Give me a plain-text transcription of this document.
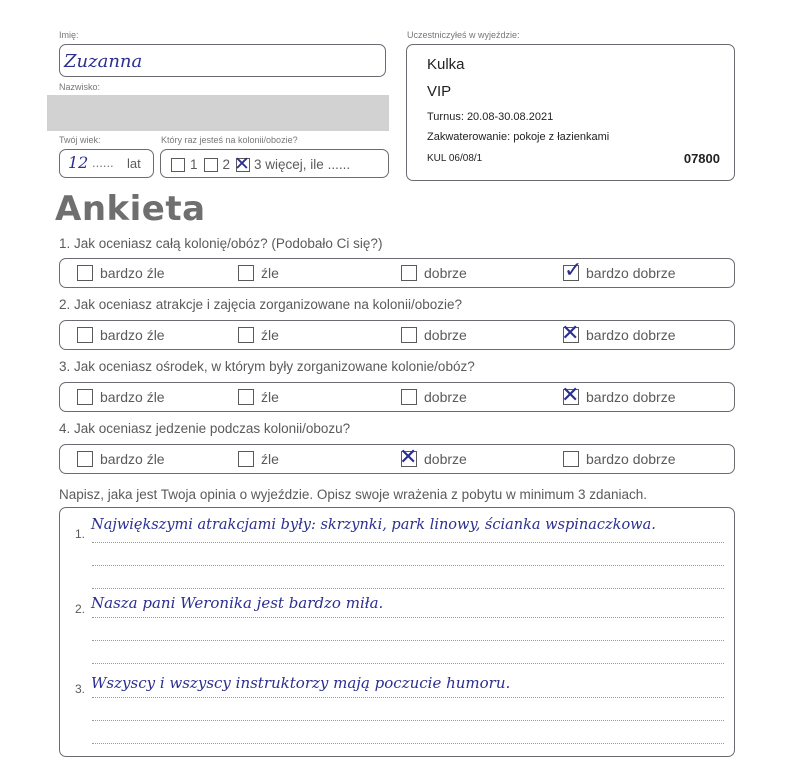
Imię:
Zuzanna
Nazwisko:
Twój wiek:
12 ...... lat
Który raz jesteś na kolonii/obozie?
1 2 ✕ 3 więcej, ile ......
Uczestniczyłeś w wyjeździe:
Kulka
VIP
Turnus: 20.08-30.08.2021
Zakwaterowanie: pokoje z łazienkami
KUL 06/08/1	07800
Ankieta
1. Jak oceniasz całą kolonię/obóz? (Podobało Ci się?)
bardzo źle	źle	dobrze	✓ bardzo dobrze
2. Jak oceniasz atrakcje i zajęcia zorganizowane na kolonii/obozie?
bardzo źle	źle	dobrze	✕ bardzo dobrze
3. Jak oceniasz ośrodek, w którym były zorganizowane kolonie/obóz?
bardzo źle	źle	dobrze	✕ bardzo dobrze
4. Jak oceniasz jedzenie podczas kolonii/obozu?
bardzo źle	źle	✕ dobrze	bardzo dobrze
Napisz, jaka jest Twoja opinia o wyjeździe. Opisz swoje wrażenia z pobytu w minimum 3 zdaniach.
1.
Największymi atrakcjami były: skrzynki, park linowy, ścianka wspinaczkowa.
2. Nasza pani Weronika jest bardzo miła.
3. Wszyscy i wszyscy instruktorzy mają poczucie humoru.
